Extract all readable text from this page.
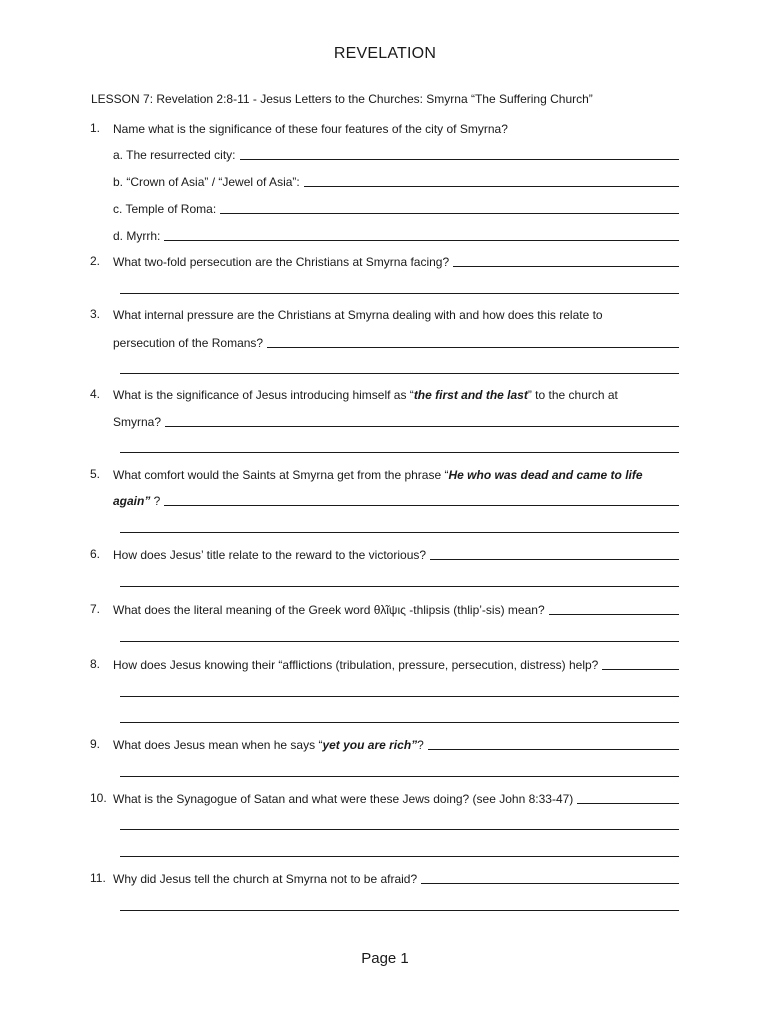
REVELATION
LESSON 7: Revelation 2:8-11 - Jesus Letters to the Churches: Smyrna “The Suffering Church”
1. Name what is the significance of these four features of the city of Smyrna?
a. The resurrected city:
b. “Crown of Asia” / “Jewel of Asia”:
c. Temple of Roma:
d. Myrrh:
2. What two-fold persecution are the Christians at Smyrna facing?
3. What internal pressure are the Christians at Smyrna dealing with and how does this relate to
persecution of the Romans?
4. What is the significance of Jesus introducing himself as “the first and the last” to the church at
Smyrna?
5. What comfort would the Saints at Smyrna get from the phrase “He who was dead and came to life
again” ?
6. How does Jesus’ title relate to the reward to the victorious?
7. What does the literal meaning of the Greek word θλῖψις -thlipsis (thlip’-sis) mean?
8. How does Jesus knowing their “afflictions (tribulation, pressure, persecution, distress) help?
9. What does Jesus mean when he says “yet you are rich”?
10. What is the Synagogue of Satan and what were these Jews doing? (see John 8:33-47)
11. Why did Jesus tell the church at Smyrna not to be afraid?
Page 1
